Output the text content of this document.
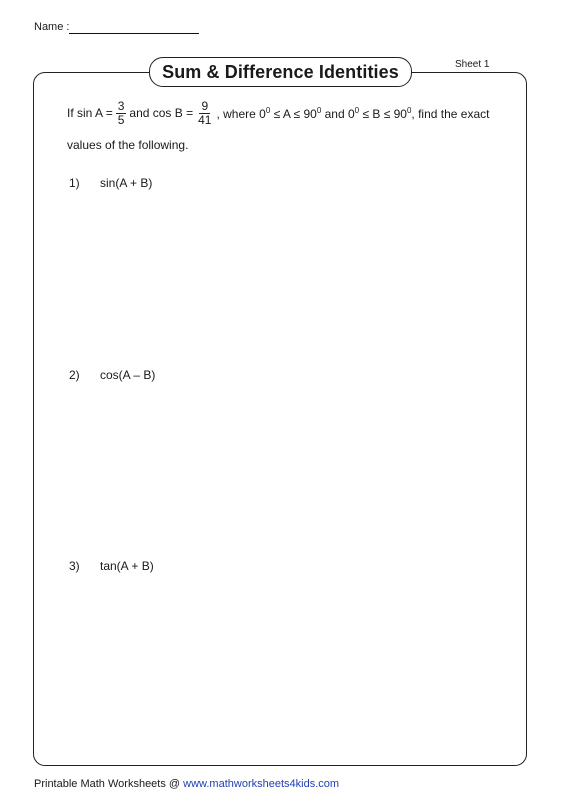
Name :
Sum & Difference Identities	Sheet 1
If $\sin A = \frac{3}{5}$ and $\cos B = \frac{9}{41}$ , where $0^0 \le A \le 90^0$ and $0^0 \le B \le 90^0$, find the exact
values of the following.
1) sin(A + B)
2) cos(A – B)
3) tan(A + B)
Printable Math Worksheets @ www.mathworksheets4kids.com
